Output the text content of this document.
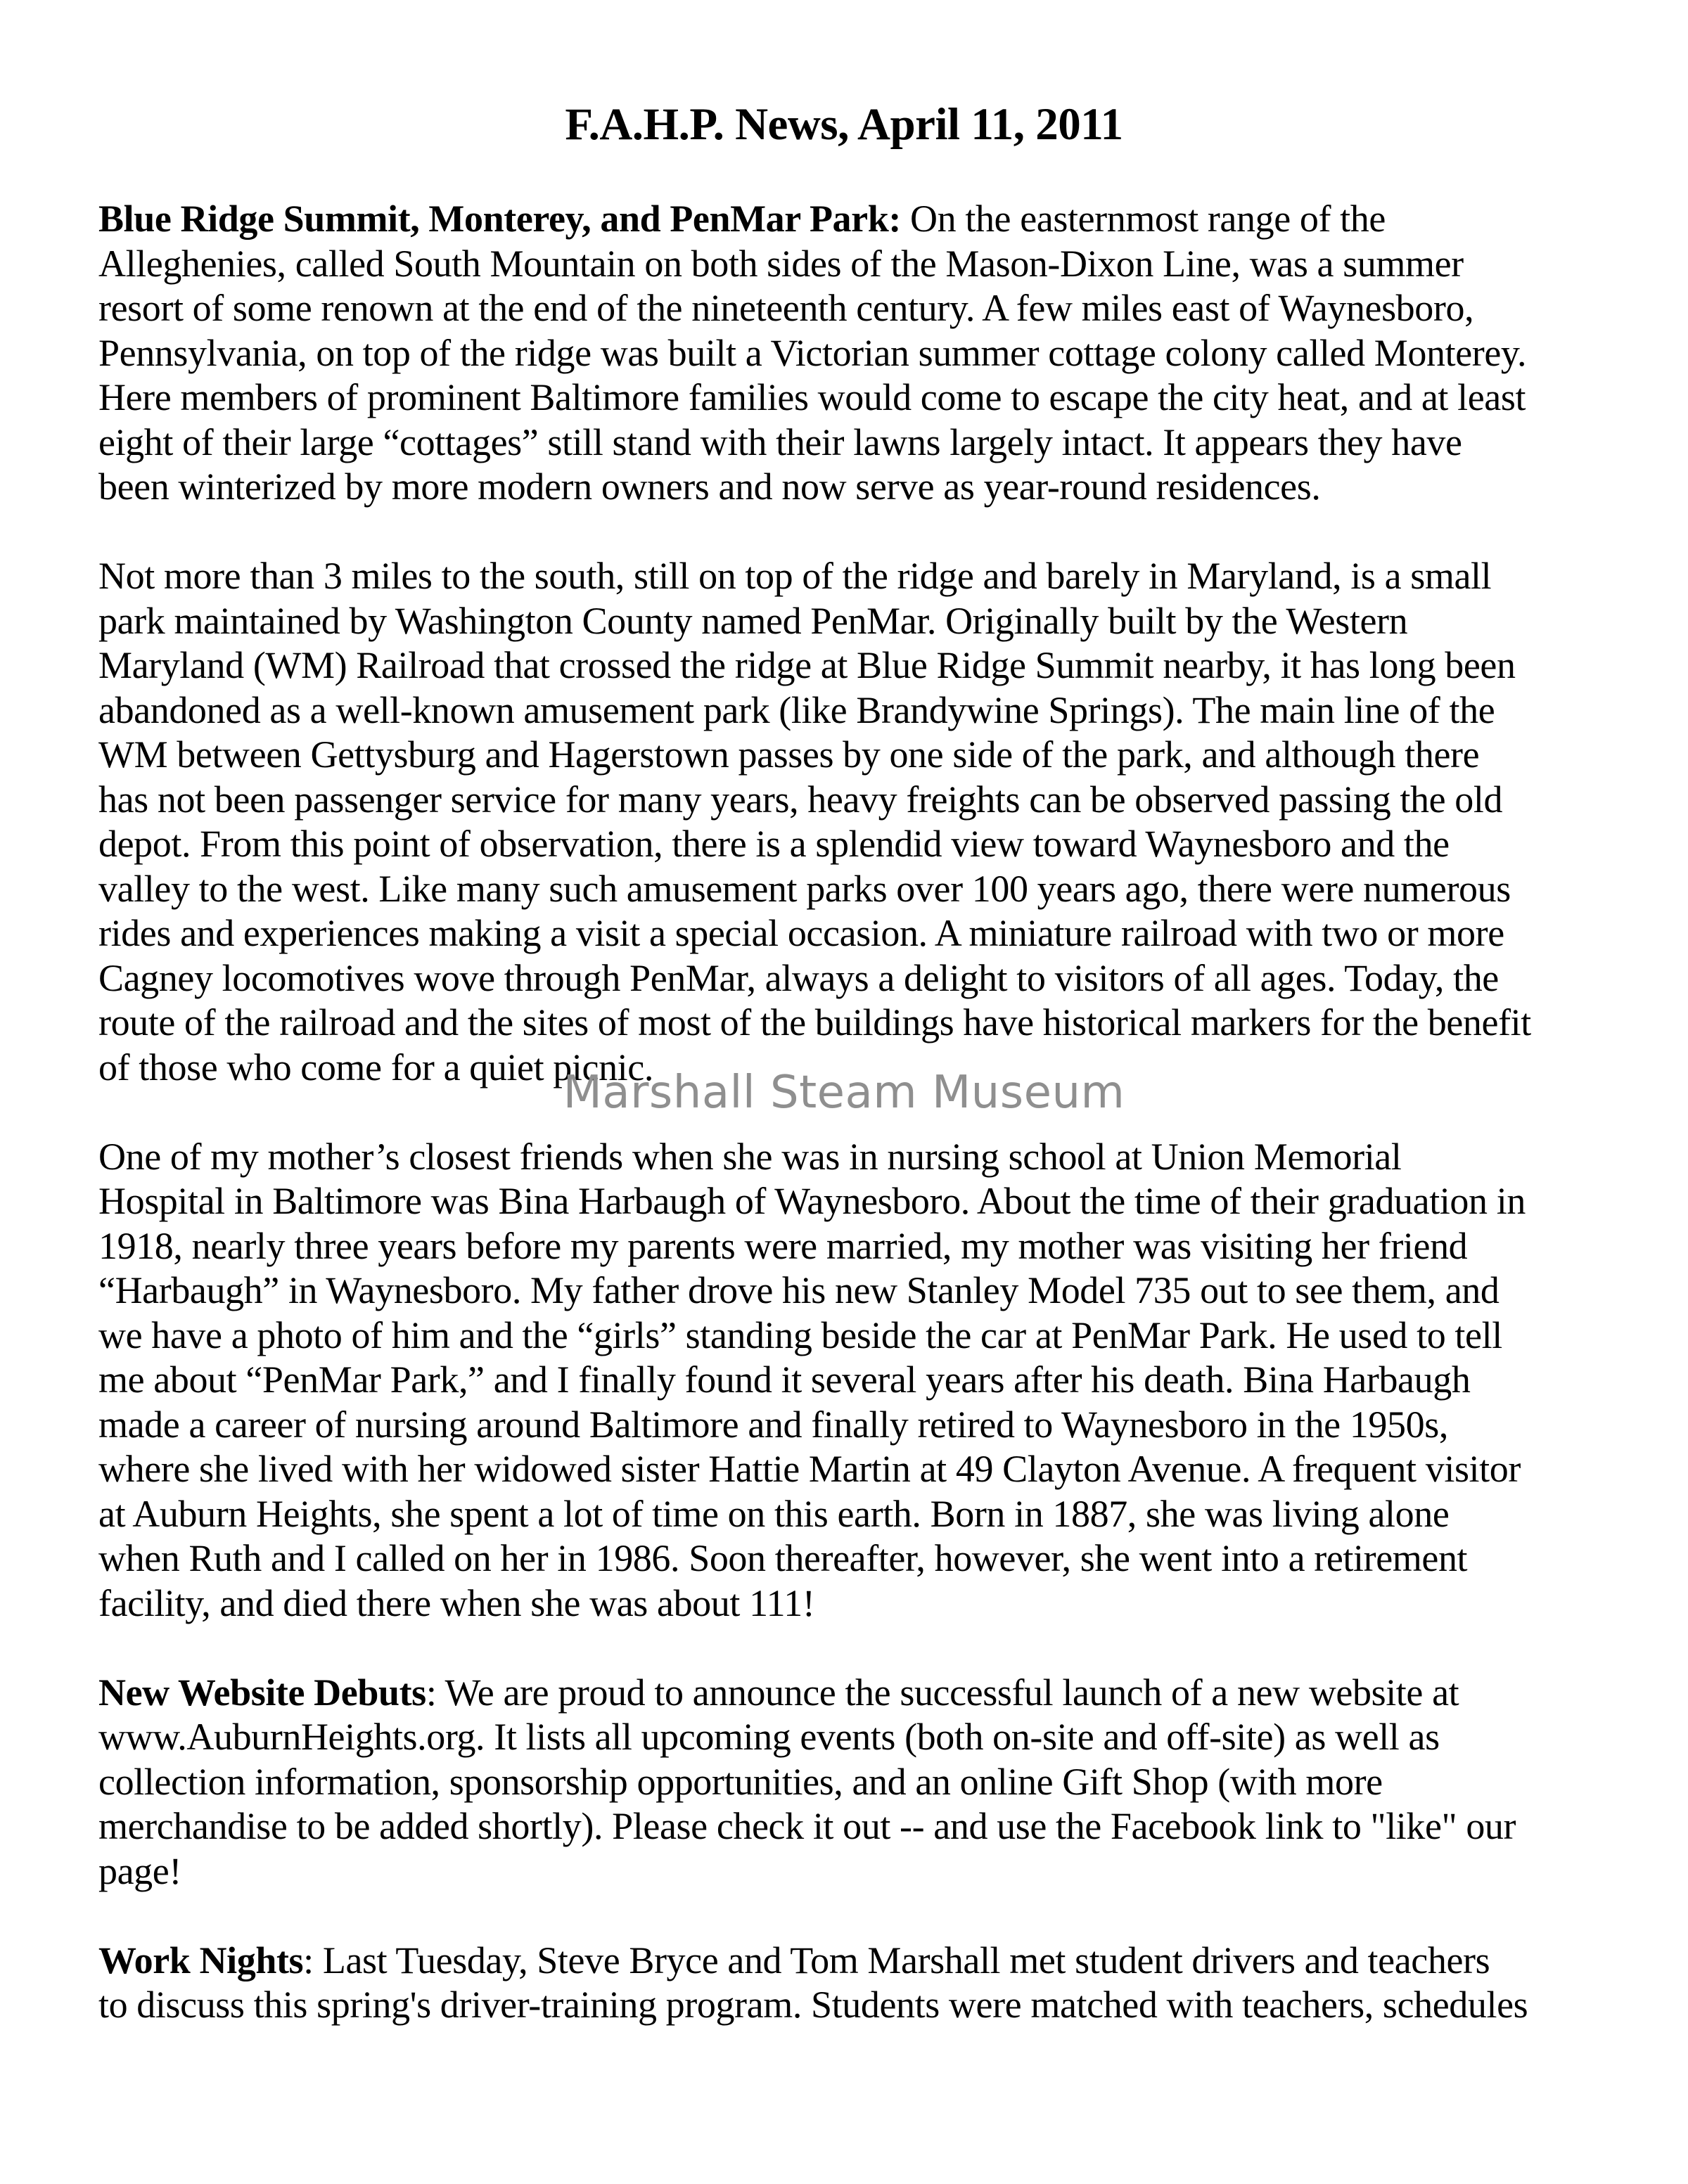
F.A.H.P. News, April 11, 2011

Blue Ridge Summit, Monterey, and PenMar Park: On the easternmost range of the
Alleghenies, called South Mountain on both sides of the Mason-Dixon Line, was a summer
resort of some renown at the end of the nineteenth century. A few miles east of Waynesboro,
Pennsylvania, on top of the ridge was built a Victorian summer cottage colony called Monterey.
Here members of prominent Baltimore families would come to escape the city heat, and at least
eight of their large “cottages” still stand with their lawns largely intact. It appears they have
been winterized by more modern owners and now serve as year-round residences.

Not more than 3 miles to the south, still on top of the ridge and barely in Maryland, is a small
park maintained by Washington County named PenMar. Originally built by the Western
Maryland (WM) Railroad that crossed the ridge at Blue Ridge Summit nearby, it has long been
abandoned as a well-known amusement park (like Brandywine Springs). The main line of the
WM between Gettysburg and Hagerstown passes by one side of the park, and although there
has not been passenger service for many years, heavy freights can be observed passing the old
depot. From this point of observation, there is a splendid view toward Waynesboro and the
valley to the west. Like many such amusement parks over 100 years ago, there were numerous
rides and experiences making a visit a special occasion. A miniature railroad with two or more
Cagney locomotives wove through PenMar, always a delight to visitors of all ages. Today, the
route of the railroad and the sites of most of the buildings have historical markers for the benefit
of those who come for a quiet picnic.

One of my mother’s closest friends when she was in nursing school at Union Memorial
Hospital in Baltimore was Bina Harbaugh of Waynesboro. About the time of their graduation in
1918, nearly three years before my parents were married, my mother was visiting her friend
“Harbaugh” in Waynesboro. My father drove his new Stanley Model 735 out to see them, and
we have a photo of him and the “girls” standing beside the car at PenMar Park. He used to tell
me about “PenMar Park,” and I finally found it several years after his death. Bina Harbaugh
made a career of nursing around Baltimore and finally retired to Waynesboro in the 1950s,
where she lived with her widowed sister Hattie Martin at 49 Clayton Avenue. A frequent visitor
at Auburn Heights, she spent a lot of time on this earth. Born in 1887, she was living alone
when Ruth and I called on her in 1986. Soon thereafter, however, she went into a retirement
facility, and died there when she was about 111!

New Website Debuts: We are proud to announce the successful launch of a new website at
www.AuburnHeights.org. It lists all upcoming events (both on-site and off-site) as well as
collection information, sponsorship opportunities, and an online Gift Shop (with more
merchandise to be added shortly). Please check it out -- and use the Facebook link to "like" our
page!

Work Nights: Last Tuesday, Steve Bryce and Tom Marshall met student drivers and teachers
to discuss this spring's driver-training program. Students were matched with teachers, schedules

Marshall Steam Museum
